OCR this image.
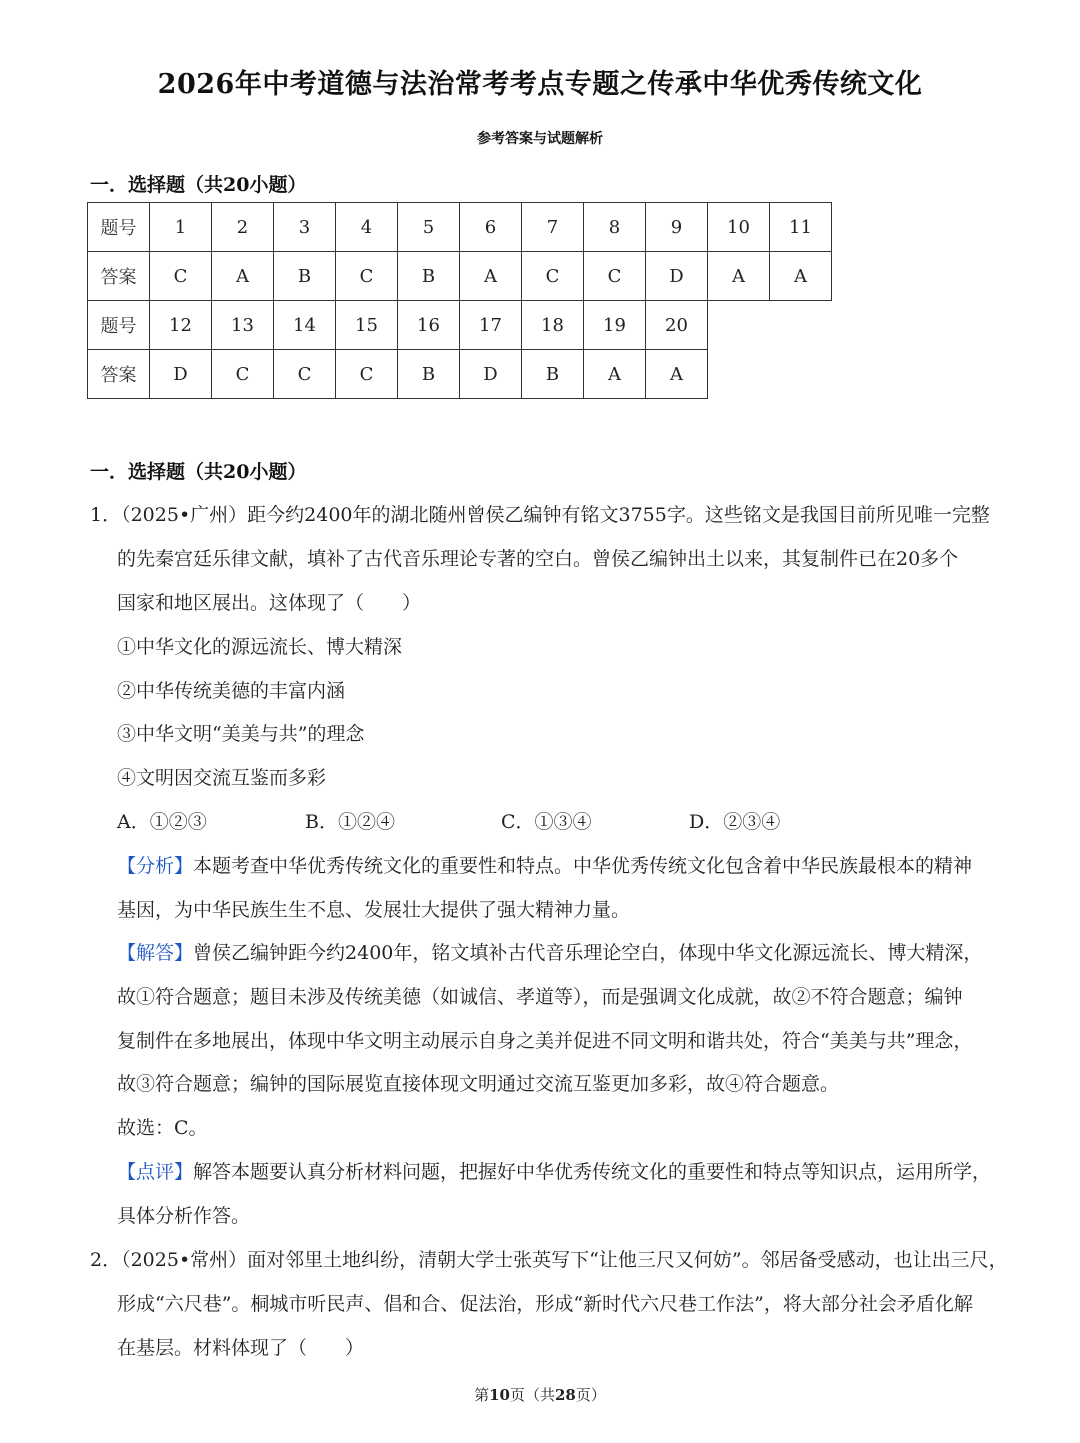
2026年中考道德与法治常考考点专题之传承中华优秀传统文化
参考答案与试题解析
一．选择题（共20小题）
题号	1	2	3	4	5	6	7	8	9	10	11
答案	C	A	B	C	B	A	C	C	D	A	A
题号	12	13	14	15	16	17	18	19	20		
答案	D	C	C	C	B	D	B	A	A		
一．选择题（共20小题）
1．（2025•广州）距今约2400年的湖北随州曾侯乙编钟有铭文3755字。这些铭文是我国目前所见唯一完整
的先秦宫廷乐律文献，填补了古代音乐理论专著的空白。曾侯乙编钟出土以来，其复制件已在20多个
国家和地区展出。这体现了（　　）
①中华文化的源远流长、博大精深
②中华传统美德的丰富内涵
③中华文明“美美与共”的理念
④文明因交流互鉴而多彩
A．①②③	B．①②④	C．①③④	D．②③④
【分析】本题考查中华优秀传统文化的重要性和特点。中华优秀传统文化包含着中华民族最根本的精神
基因，为中华民族生生不息、发展壮大提供了强大精神力量。
【解答】曾侯乙编钟距今约2400年，铭文填补古代音乐理论空白，体现中华文化源远流长、博大精深，
故①符合题意；题目未涉及传统美德（如诚信、孝道等），而是强调文化成就，故②不符合题意；编钟
复制件在多地展出，体现中华文明主动展示自身之美并促进不同文明和谐共处，符合“美美与共”理念，
故③符合题意；编钟的国际展览直接体现文明通过交流互鉴更加多彩，故④符合题意。
故选：C。
【点评】解答本题要认真分析材料问题，把握好中华优秀传统文化的重要性和特点等知识点，运用所学，
具体分析作答。
2．（2025•常州）面对邻里土地纠纷，清朝大学士张英写下“让他三尺又何妨”。邻居备受感动，也让出三尺，
形成“六尺巷”。桐城市听民声、倡和合、促法治，形成“新时代六尺巷工作法”，将大部分社会矛盾化解
在基层。材料体现了（　　）
第10页（共28页）
